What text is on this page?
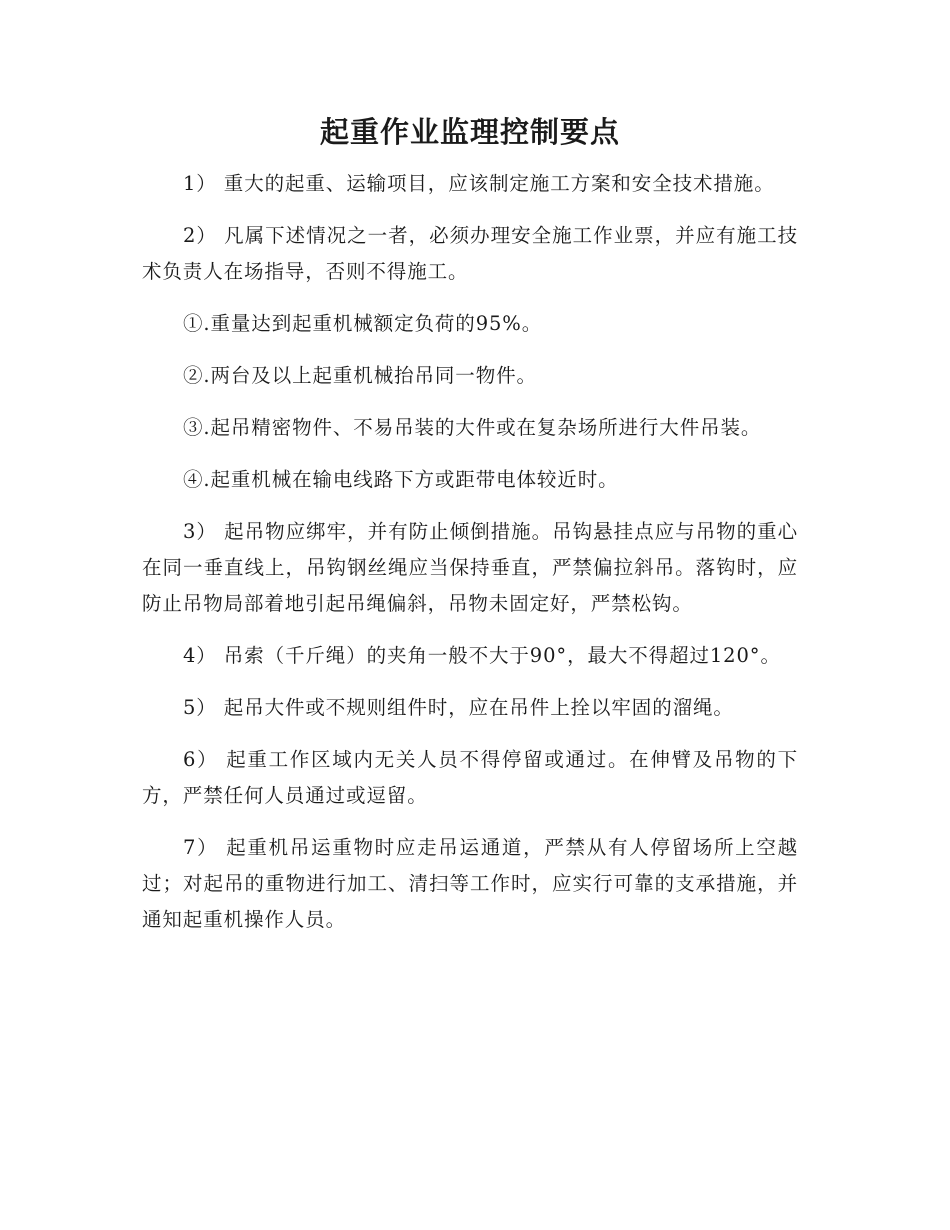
起重作业监理控制要点

1） 重大的起重、运输项目，应该制定施工方案和安全技术措施。

2） 凡属下述情况之一者，必须办理安全施工作业票，并应有施工技术负责人在场指导，否则不得施工。

①.重量达到起重机械额定负荷的95%。

②.两台及以上起重机械抬吊同一物件。

③.起吊精密物件、不易吊装的大件或在复杂场所进行大件吊装。

④.起重机械在输电线路下方或距带电体较近时。

3） 起吊物应绑牢，并有防止倾倒措施。吊钩悬挂点应与吊物的重心在同一垂直线上，吊钩钢丝绳应当保持垂直，严禁偏拉斜吊。落钩时，应防止吊物局部着地引起吊绳偏斜，吊物未固定好，严禁松钩。

4） 吊索（千斤绳）的夹角一般不大于90°，最大不得超过120°。

5） 起吊大件或不规则组件时，应在吊件上拴以牢固的溜绳。

6） 起重工作区域内无关人员不得停留或通过。在伸臂及吊物的下方，严禁任何人员通过或逗留。

7） 起重机吊运重物时应走吊运通道，严禁从有人停留场所上空越过；对起吊的重物进行加工、清扫等工作时，应实行可靠的支承措施，并通知起重机操作人员。
